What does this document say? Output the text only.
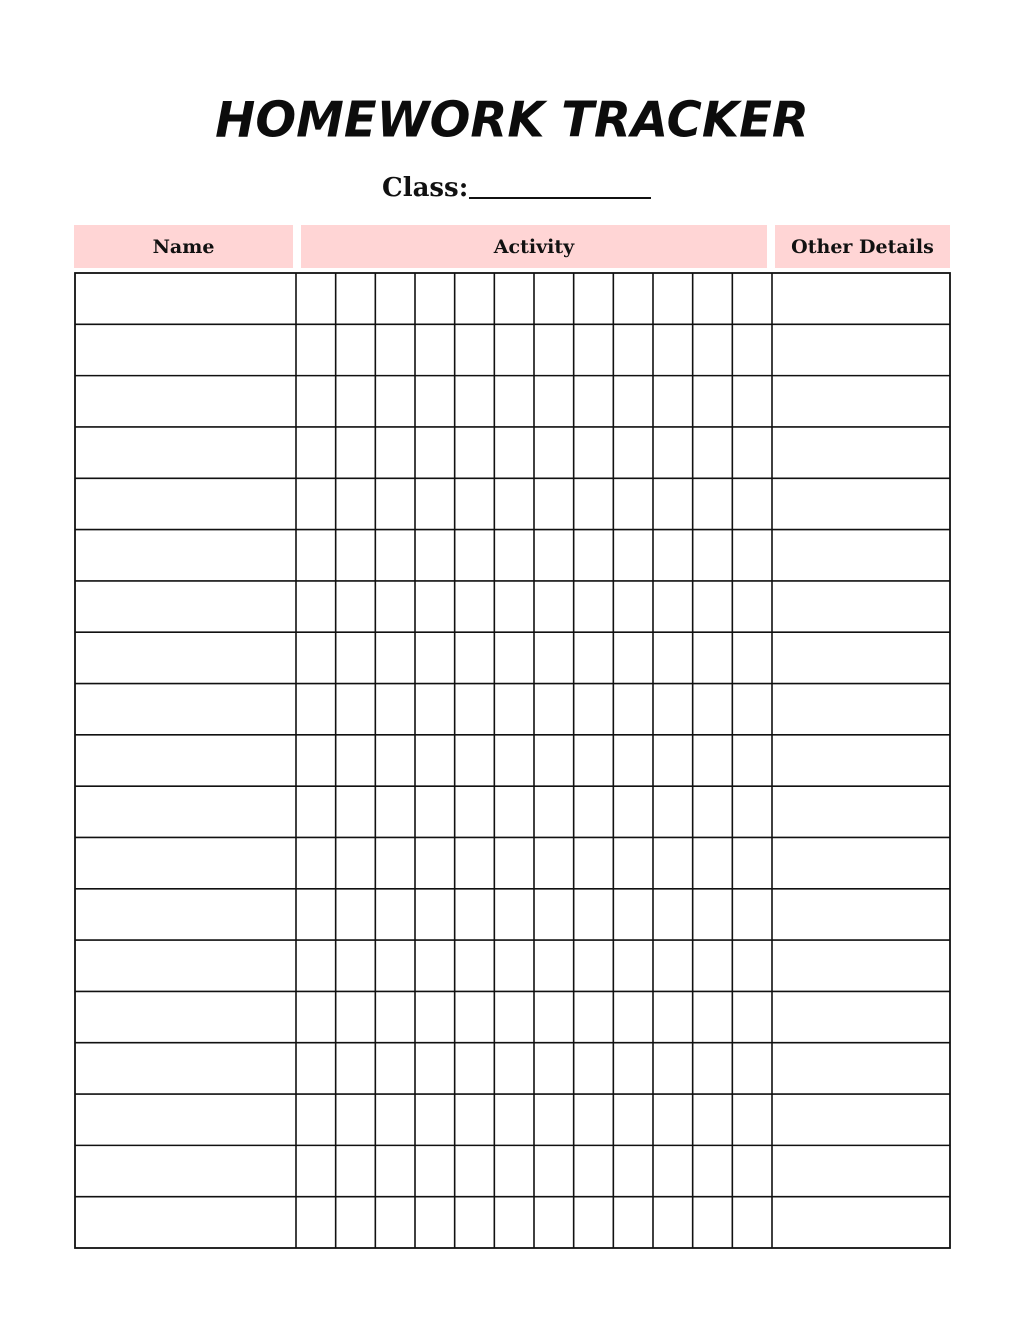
HOMEWORK TRACKER
Class:
Name	Activity	Other Details
